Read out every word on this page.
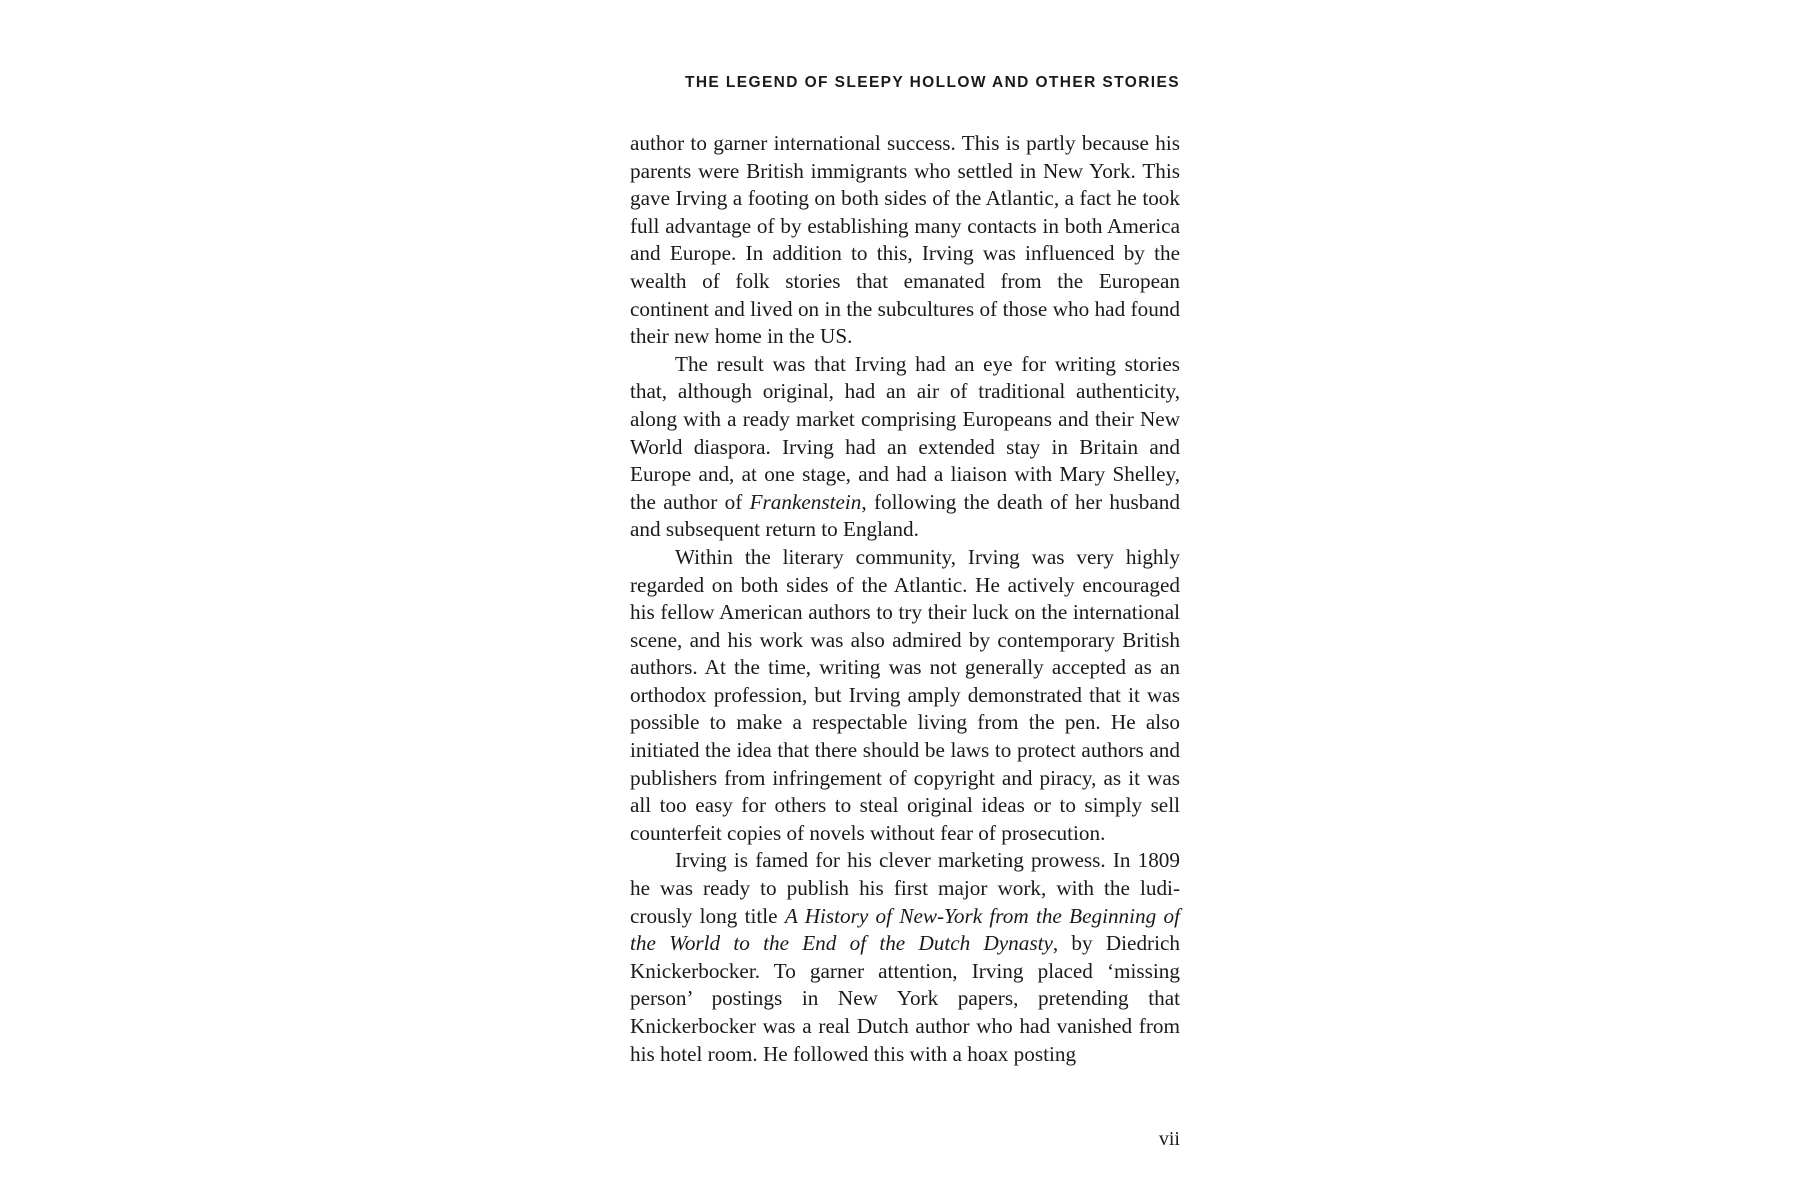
THE LEGEND OF SLEEPY HOLLOW AND OTHER STORIES

author to garner international success. This is partly because his parents were British immigrants who settled in New York. This gave Irving a footing on both sides of the Atlantic, a fact he took full advantage of by establishing many contacts in both America and Europe. In addition to this, Irving was influenced by the wealth of folk stories that emanated from the European continent and lived on in the subcultures of those who had found their new home in the US.

The result was that Irving had an eye for writing stories that, although original, had an air of traditional authenticity, along with a ready market comprising Europeans and their New World diaspora. Irving had an extended stay in Britain and Europe and, at one stage, and had a liaison with Mary Shelley, the author of Frankenstein, following the death of her husband and subsequent return to England.

Within the literary community, Irving was very highly regarded on both sides of the Atlantic. He actively encouraged his fellow American authors to try their luck on the international scene, and his work was also admired by contemporary British authors. At the time, writing was not generally accepted as an orthodox profession, but Irving amply demonstrated that it was possible to make a respectable living from the pen. He also initiated the idea that there should be laws to protect authors and publishers from infringement of copyright and piracy, as it was all too easy for others to steal original ideas or to simply sell counterfeit copies of novels without fear of prosecution.

Irving is famed for his clever marketing prowess. In 1809 he was ready to publish his first major work, with the ludicrously long title A History of New-York from the Beginning of the World to the End of the Dutch Dynasty, by Diedrich Knickerbocker. To garner attention, Irving placed ‘missing person’ postings in New York papers, pretending that Knickerbocker was a real Dutch author who had vanished from his hotel room. He followed this with a hoax posting

vii
